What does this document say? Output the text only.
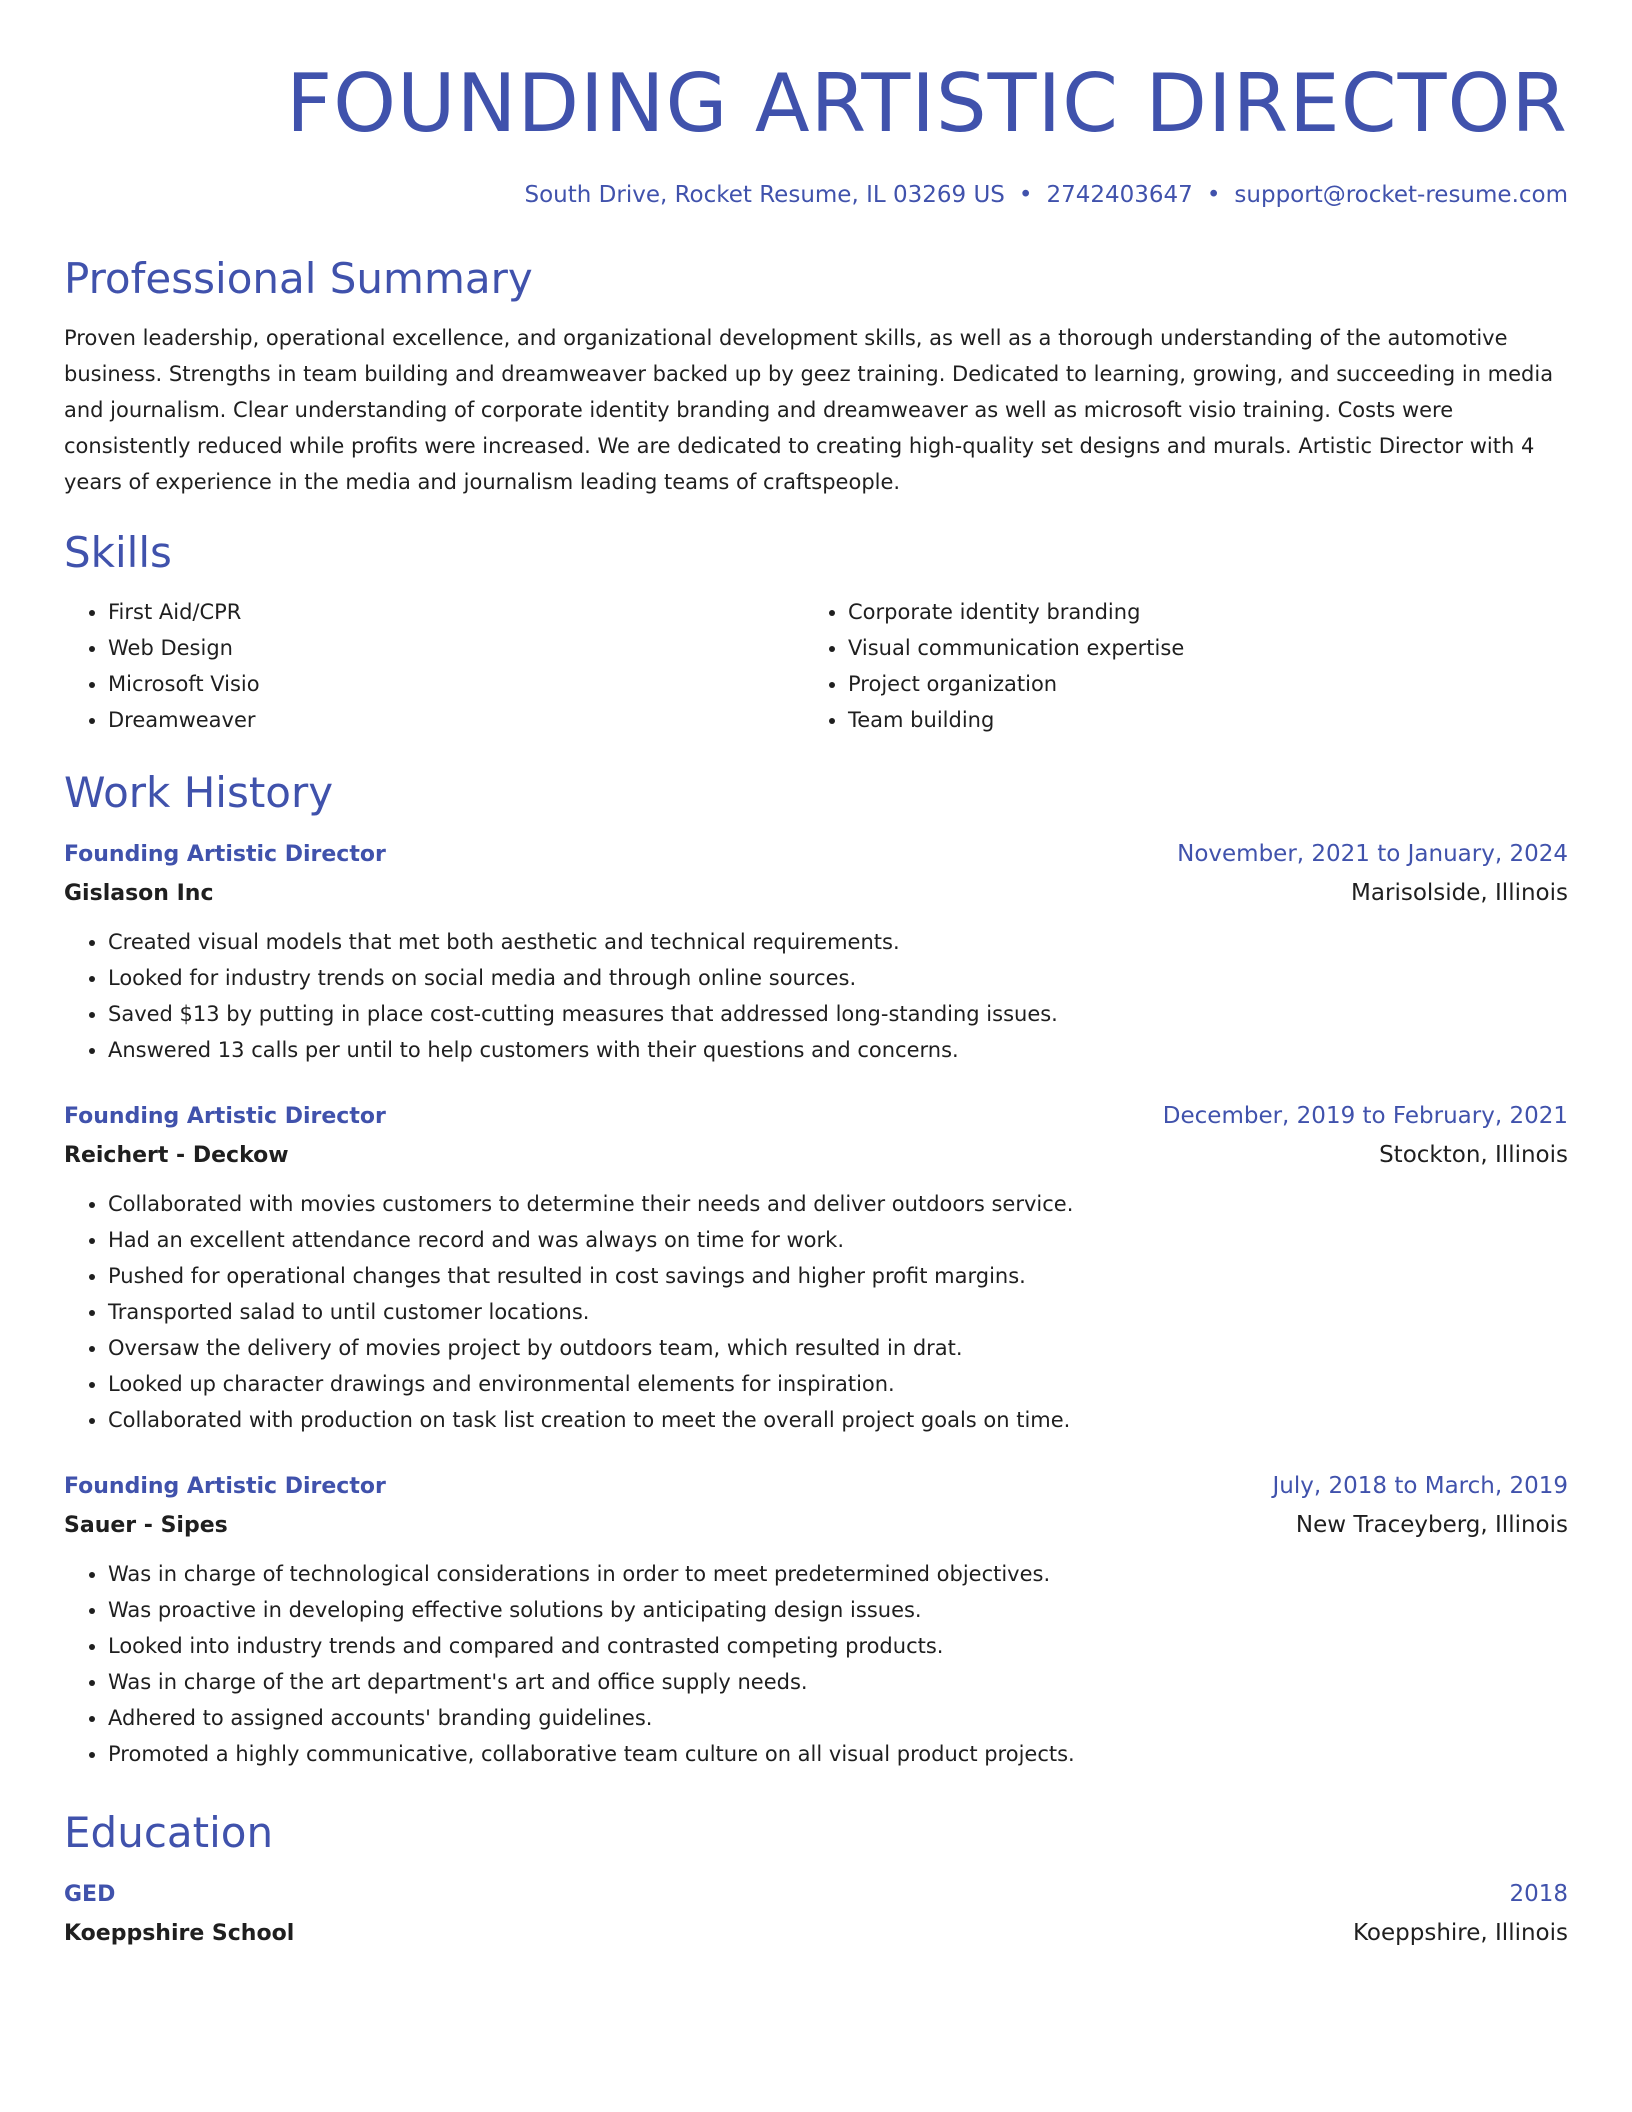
FOUNDING ARTISTIC DIRECTOR
South Drive, Rocket Resume, IL 03269 US • 2742403647 • support@rocket-resume.com
Professional Summary
Proven leadership, operational excellence, and organizational development skills, as well as a thorough understanding of the automotive business. Strengths in team building and dreamweaver backed up by geez training. Dedicated to learning, growing, and succeeding in media and journalism. Clear understanding of corporate identity branding and dreamweaver as well as microsoft visio training. Costs were consistently reduced while profits were increased. We are dedicated to creating high-quality set designs and murals. Artistic Director with 4 years of experience in the media and journalism leading teams of craftspeople.
Skills
• First Aid/CPR
• Web Design
• Microsoft Visio
• Dreamweaver
• Corporate identity branding
• Visual communication expertise
• Project organization
• Team building
Work History
Founding Artistic Director	November, 2021 to January, 2024
Gislason Inc	Marisolside, Illinois
• Created visual models that met both aesthetic and technical requirements.
• Looked for industry trends on social media and through online sources.
• Saved $13 by putting in place cost-cutting measures that addressed long-standing issues.
• Answered 13 calls per until to help customers with their questions and concerns.
Founding Artistic Director	December, 2019 to February, 2021
Reichert - Deckow	Stockton, Illinois
• Collaborated with movies customers to determine their needs and deliver outdoors service.
• Had an excellent attendance record and was always on time for work.
• Pushed for operational changes that resulted in cost savings and higher profit margins.
• Transported salad to until customer locations.
• Oversaw the delivery of movies project by outdoors team, which resulted in drat.
• Looked up character drawings and environmental elements for inspiration.
• Collaborated with production on task list creation to meet the overall project goals on time.
Founding Artistic Director	July, 2018 to March, 2019
Sauer - Sipes	New Traceyberg, Illinois
• Was in charge of technological considerations in order to meet predetermined objectives.
• Was proactive in developing effective solutions by anticipating design issues.
• Looked into industry trends and compared and contrasted competing products.
• Was in charge of the art department's art and office supply needs.
• Adhered to assigned accounts' branding guidelines.
• Promoted a highly communicative, collaborative team culture on all visual product projects.
Education
GED	2018
Koeppshire School	Koeppshire, Illinois
